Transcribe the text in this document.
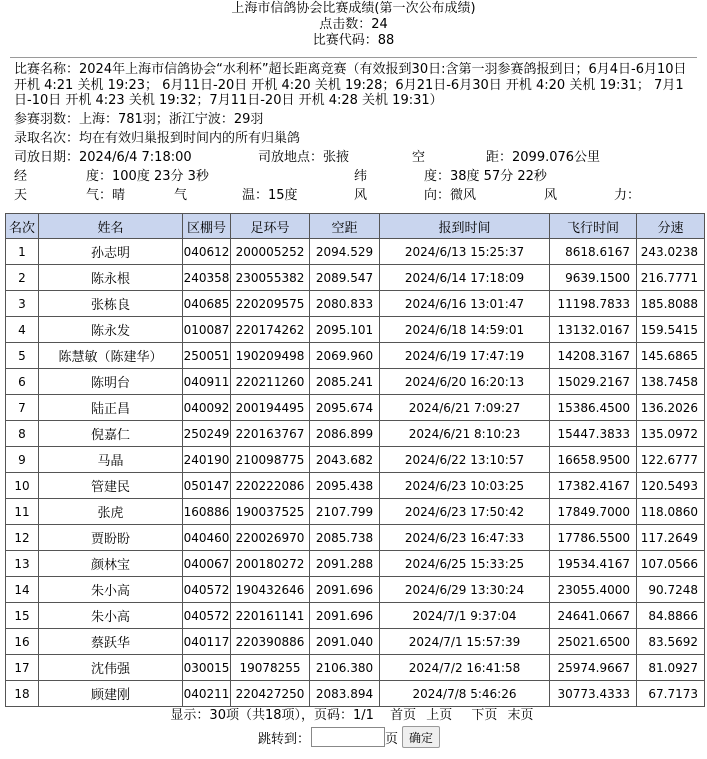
上海市信鸽协会比赛成绩(第一次公布成绩)
点击数：24
比赛代码：88
比赛名称：2024年上海市信鸽协会“水利杯”超长距离竞赛（有效报到30日:含第一羽参赛鸽报到日；6月4日-6月10日 开机 4:21 关机 19:23； 6月11日-20日 开机 4:20 关机 19:28；6月21日-6月30日 开机 4:20 关机 19:31； 7月1日-10日 开机 4:23 关机 19:32；7月11日-20日 开机 4:28 关机 19:31）
参赛羽数：上海：781羽；浙江宁波：29羽
录取名次：均在有效归巢报到时间内的所有归巢鸽
司放日期：2024/6/4 7:18:00	司放地点：张掖	空	距：2099.076公里
经	度：100度 23分 3秒	纬	度：38度 57分 22秒
天	气：晴	气	温：15度	风	向：微风	风	力：
名次	姓名	区棚号	足环号	空距	报到时间	飞行时间	分速
1	孙志明	040612	200005252	2094.529	2024/6/13 15:25:37	8618.6167	243.0238
2	陈永根	240358	230055382	2089.547	2024/6/14 17:18:09	9639.1500	216.7771
3	张栋良	040685	220209575	2080.833	2024/6/16 13:01:47	11198.7833	185.8088
4	陈永发	010087	220174262	2095.101	2024/6/18 14:59:01	13132.0167	159.5415
5	陈慧敏（陈建华）	250051	190209498	2069.960	2024/6/19 17:47:19	14208.3167	145.6865
6	陈明台	040911	220211260	2085.241	2024/6/20 16:20:13	15029.2167	138.7458
7	陆正昌	040092	200194495	2095.674	2024/6/21 7:09:27	15386.4500	136.2026
8	倪嘉仁	250249	220163767	2086.899	2024/6/21 8:10:23	15447.3833	135.0972
9	马晶	240190	210098775	2043.682	2024/6/22 13:10:57	16658.9500	122.6777
10	管建民	050147	220222086	2095.438	2024/6/23 10:03:25	17382.4167	120.5493
11	张虎	160886	190037525	2107.799	2024/6/23 17:50:42	17849.7000	118.0860
12	贾盼盼	040460	220026970	2085.738	2024/6/23 16:47:33	17786.5500	117.2649
13	颜林宝	040067	200180272	2091.288	2024/6/25 15:33:25	19534.4167	107.0566
14	朱小高	040572	190432646	2091.696	2024/6/29 13:30:24	23055.4000	90.7248
15	朱小高	040572	220161141	2091.696	2024/7/1 9:37:04	24641.0667	84.8866
16	蔡跃华	040117	220390886	2091.040	2024/7/1 15:57:39	25021.6500	83.5692
17	沈伟强	030015	19078255	2106.380	2024/7/2 16:41:58	25974.9667	81.0927
18	顾建刚	040211	220427250	2083.894	2024/7/8 5:46:26	30773.4333	67.7173
显示：30项（共18项），页码：1/1 首页 上页 下页 末页
跳转到：	页 确定
